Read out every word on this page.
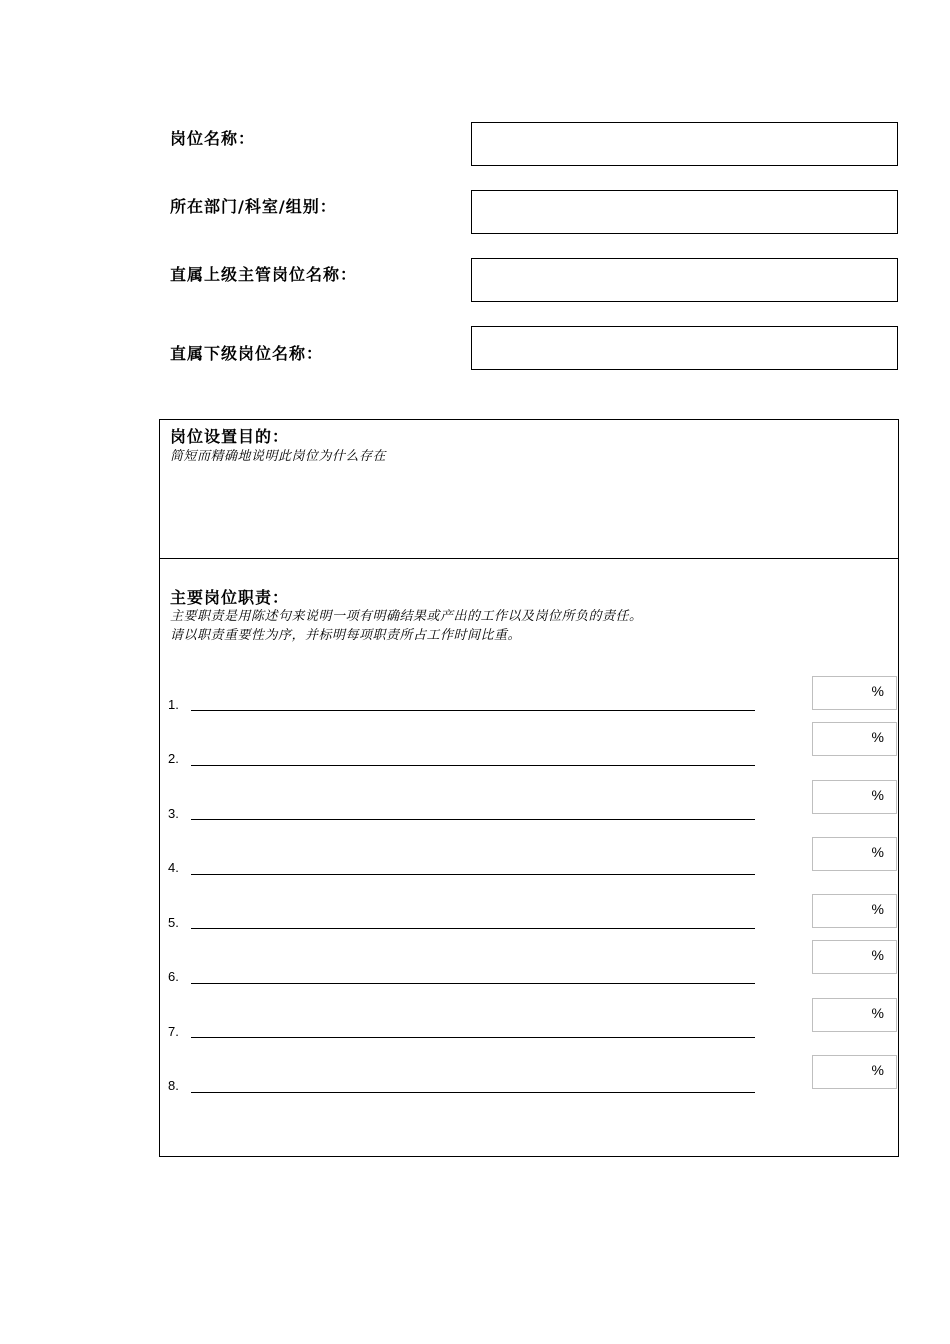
岗位名称：
所在部门/科室/组别：
直属上级主管岗位名称：
直属下级岗位名称：
岗位设置目的：
简短而精确地说明此岗位为什么存在
主要岗位职责：
主要职责是用陈述句来说明一项有明确结果或产出的工作以及岗位所负的责任。
请以职责重要性为序，并标明每项职责所占工作时间比重。
1.
%
2.
%
3.
%
4.
%
5.
%
6.
%
7.
%
8.
%
